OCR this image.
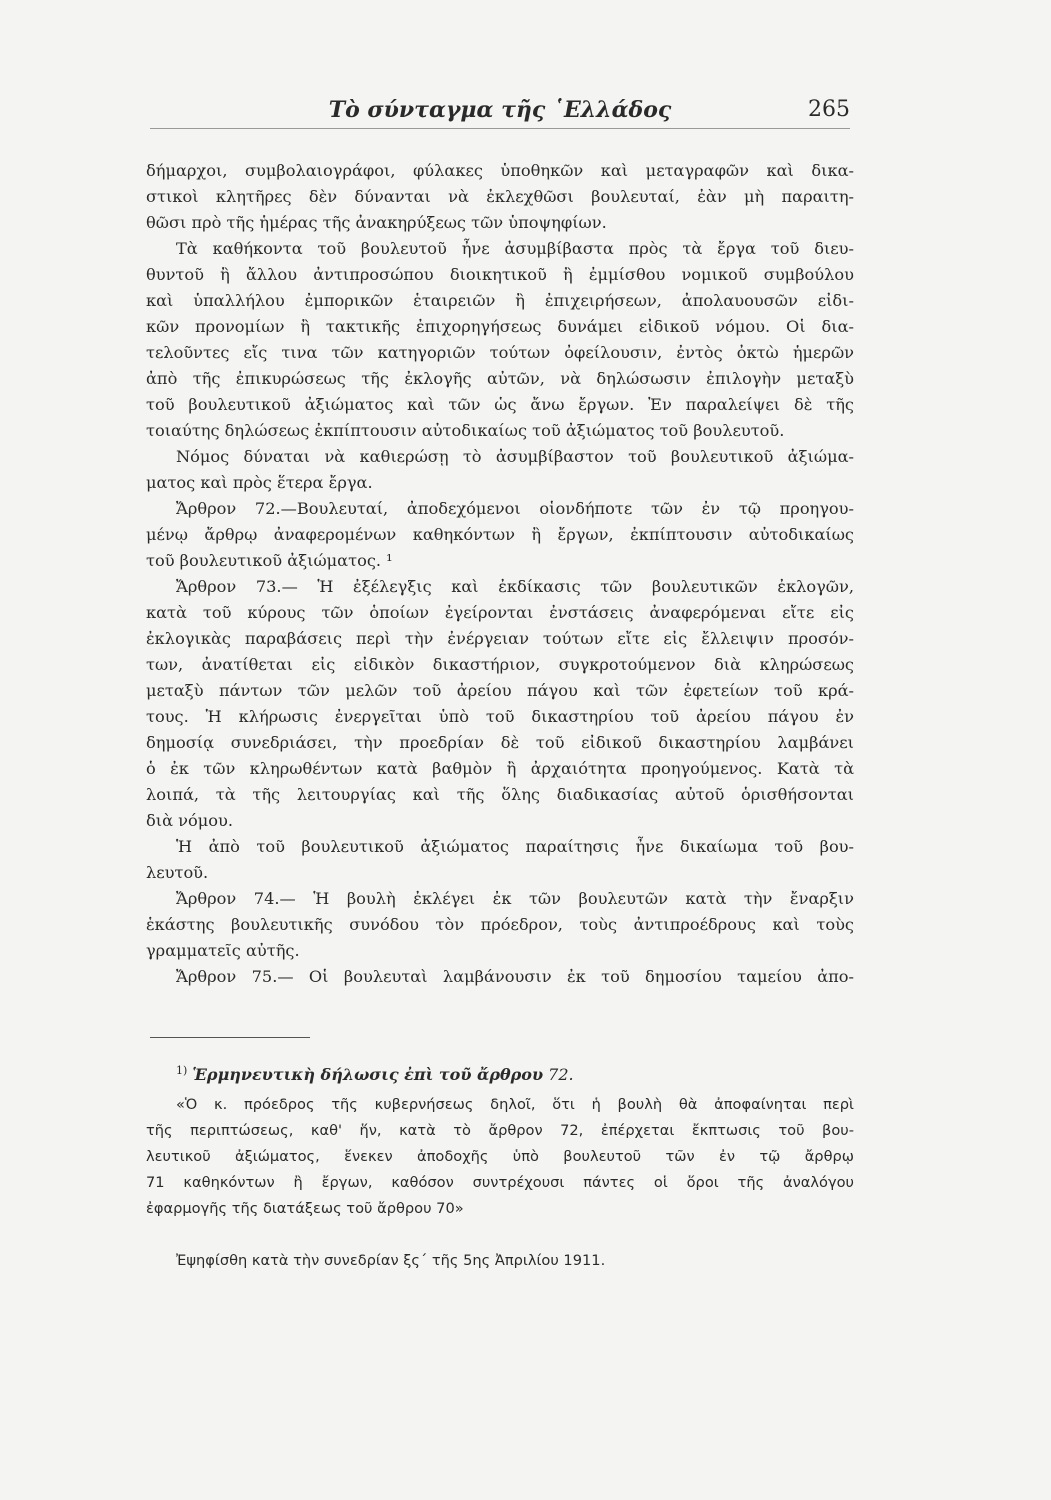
Τὸ σύνταγμα τῆς ῾Ελλάδος	265
δήμαρχοι, συμβολαιογράφοι, φύλακες ὑποθηκῶν καὶ μεταγραφῶν καὶ δικα-
στικοὶ κλητῆρες δὲν δύνανται νὰ ἐκλεχθῶσι βουλευταί, ἐὰν μὴ παραιτη-
θῶσι πρὸ τῆς ἡμέρας τῆς ἀνακηρύξεως τῶν ὑποψηφίων.
Τὰ καθήκοντα τοῦ βουλευτοῦ ἦνε ἀσυμβίβαστα πρὸς τὰ ἔργα τοῦ διευ-
θυντοῦ ἢ ἄλλου ἀντιπροσώπου διοικητικοῦ ἢ ἐμμίσθου νομικοῦ συμβούλου
καὶ ὑπαλλήλου ἐμπορικῶν ἑταιρειῶν ἢ ἐπιχειρήσεων, ἀπολαυουσῶν εἰδι-
κῶν προνομίων ἢ τακτικῆς ἐπιχορηγήσεως δυνάμει εἰδικοῦ νόμου. Οἱ δια-
τελοῦντες εἴς τινα τῶν κατηγοριῶν τούτων ὀφείλουσιν, ἐντὸς ὀκτὼ ἡμερῶν
ἀπὸ τῆς ἐπικυρώσεως τῆς ἐκλογῆς αὐτῶν, νὰ δηλώσωσιν ἐπιλογὴν μεταξὺ
τοῦ βουλευτικοῦ ἀξιώματος καὶ τῶν ὡς ἄνω ἔργων. Ἐν παραλείψει δὲ τῆς
τοιαύτης δηλώσεως ἐκπίπτουσιν αὐτοδικαίως τοῦ ἀξιώματος τοῦ βουλευτοῦ.
Νόμος δύναται νὰ καθιερώσῃ τὸ ἀσυμβίβαστον τοῦ βουλευτικοῦ ἀξιώμα-
ματος καὶ πρὸς ἕτερα ἔργα.
Ἄρθρον 72.—Βουλευταί, ἀποδεχόμενοι οἱονδήποτε τῶν ἐν τῷ προηγου-
μένῳ ἄρθρῳ ἀναφερομένων καθηκόντων ἢ ἔργων, ἐκπίπτουσιν αὐτοδικαίως
τοῦ βουλευτικοῦ ἀξιώματος. ¹
Ἄρθρον 73.— Ἡ ἐξέλεγξις καὶ ἐκδίκασις τῶν βουλευτικῶν ἐκλογῶν,
κατὰ τοῦ κύρους τῶν ὁποίων ἐγείρονται ἐνστάσεις ἀναφερόμεναι εἴτε εἰς
ἐκλογικὰς παραβάσεις περὶ τὴν ἐνέργειαν τούτων εἴτε εἰς ἔλλειψιν προσόν-
των, ἀνατίθεται εἰς εἰδικὸν δικαστήριον, συγκροτούμενον διὰ κληρώσεως
μεταξὺ πάντων τῶν μελῶν τοῦ ἀρείου πάγου καὶ τῶν ἐφετείων τοῦ κρά-
τους. Ἡ κλήρωσις ἐνεργεῖται ὑπὸ τοῦ δικαστηρίου τοῦ ἀρείου πάγου ἐν
δημοσίᾳ συνεδριάσει, τὴν προεδρίαν δὲ τοῦ εἰδικοῦ δικαστηρίου λαμβάνει
ὁ ἐκ τῶν κληρωθέντων κατὰ βαθμὸν ἢ ἀρχαιότητα προηγούμενος. Κατὰ τὰ
λοιπά, τὰ τῆς λειτουργίας καὶ τῆς ὅλης διαδικασίας αὐτοῦ ὁρισθήσονται
διὰ νόμου.
Ἡ ἀπὸ τοῦ βουλευτικοῦ ἀξιώματος παραίτησις ἦνε δικαίωμα τοῦ βου-
λευτοῦ.
Ἄρθρον 74.— Ἡ βουλὴ ἐκλέγει ἐκ τῶν βουλευτῶν κατὰ τὴν ἔναρξιν
ἑκάστης βουλευτικῆς συνόδου τὸν πρόεδρον, τοὺς ἀντιπροέδρους καὶ τοὺς
γραμματεῖς αὐτῆς.
Ἄρθρον 75.— Οἱ βουλευταὶ λαμβάνουσιν ἐκ τοῦ δημοσίου ταμείου ἀπο-
$^{1)}$ Ἑρμηνευτικὴ δήλωσις ἐπὶ τοῦ ἄρθρου 72.
«Ὁ κ. πρόεδρος τῆς κυβερνήσεως δηλοῖ, ὅτι ἡ βουλὴ θὰ ἀποφαίνηται περὶ
τῆς περιπτώσεως, καθ' ἥν, κατὰ τὸ ἄρθρον 72, ἐπέρχεται ἔκπτωσις τοῦ βου-
λευτικοῦ ἀξιώματος, ἕνεκεν ἀποδοχῆς ὑπὸ βουλευτοῦ τῶν ἐν τῷ ἄρθρῳ
71 καθηκόντων ἢ ἔργων, καθόσον συντρέχουσι πάντες οἱ ὅροι τῆς ἀναλόγου
ἐφαρμογῆς τῆς διατάξεως τοῦ ἄρθρου 70»
Ἐψηφίσθη κατὰ τὴν συνεδρίαν ξς´ τῆς 5ης Ἀπριλίου 1911.
